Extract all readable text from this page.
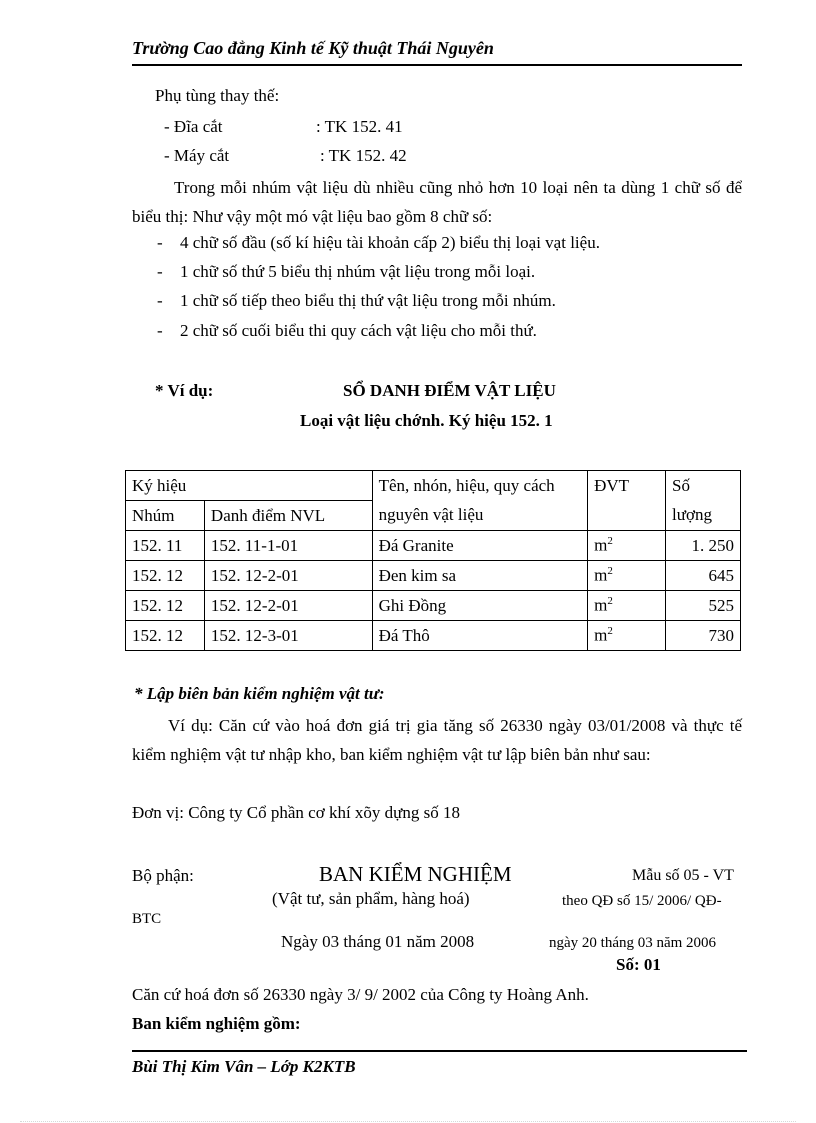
Trường Cao đẳng Kinh tế Kỹ thuật Thái Nguyên
Phụ tùng thay thế:
- Đĩa cắt	: TK 152. 41
- Máy cắt	: TK 152. 42
Trong mỗi nhúm vật liệu dù nhiều cũng nhỏ hơn 10 loại nên ta dùng 1 chữ số để biểu thị: Như vậy một mó vật liệu bao gồm 8 chữ số:
- 4 chữ số đầu (số kí hiệu tài khoản cấp 2) biểu thị loại vạt liệu.
- 1 chữ số thứ 5 biểu thị nhúm vật liệu trong mỗi loại.
- 1 chữ số tiếp theo biểu thị thứ vật liệu trong mỗi nhúm.
- 2 chữ số cuối biểu thi quy cách vật liệu cho mỗi thứ.
* Ví dụ:	SỔ DANH ĐIỂM VẬT LIỆU
Loại vật liệu chớnh. Ký hiệu 152. 1
Ký hiệu		Tên, nhón, hiệu, quy cách	ĐVT	Số
Nhúm	Danh điểm NVL	nguyên vật liệu		lượng
152. 11	152. 11-1-01	Đá Granite	$m^2$	1. 250
152. 12	152. 12-2-01	Đen kim sa	$m^2$	645
152. 12	152. 12-2-01	Ghi Đồng	$m^2$	525
152. 12	152. 12-3-01	Đá Thô	$m^2$	730
* Lập biên bản kiểm nghiệm vật tư:
Ví dụ: Căn cứ vào hoá đơn giá trị gia tăng số 26330 ngày 03/01/2008 và thực tế kiểm nghiệm vật tư nhập kho, ban kiểm nghiệm vật tư lập biên bản như sau:
Đơn vị: Công ty Cổ phần cơ khí xõy dựng số 18
Bộ phận:	BAN KIỂM NGHIỆM	Mẫu số 05 - VT
(Vật tư, sản phẩm, hàng hoá)	theo QĐ số 15/ 2006/ QĐ-
BTC
Ngày 03 tháng 01 năm 2008	ngày 20 tháng 03 năm 2006
Số: 01
Căn cứ hoá đơn số 26330 ngày 3/ 9/ 2002 của Công ty Hoàng Anh.
Ban kiểm nghiệm gồm:
Bùi Thị Kim Vân – Lớp K2KTB
